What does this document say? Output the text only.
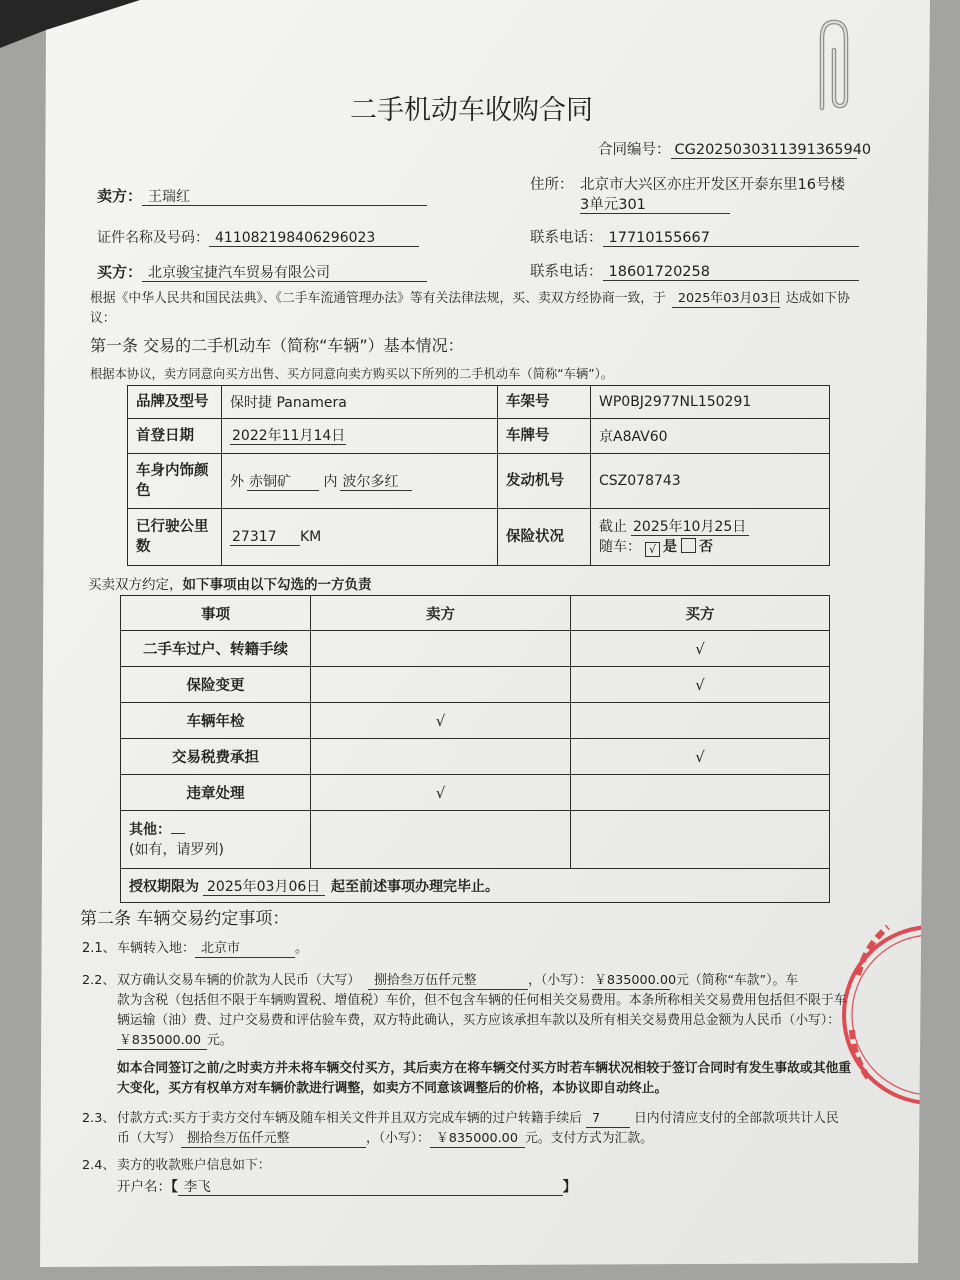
二手机动车收购合同
合同编号： CG2025030311391365940
卖方： 王瑞红
住所： 北京市大兴区亦庄开发区开泰东里16号楼
3单元301
证件名称及号码： 411082198406296023	联系电话： 17710155667
买方： 北京骏宝捷汽车贸易有限公司	联系电话： 18601720258
根据《中华人民共和国民法典》、《二手车流通管理办法》等有关法律法规，买、卖双方经协商一致，于 2025年03月03日 达成如下协
议：
第一条 交易的二手机动车（简称“车辆”）基本情况：
根据本协议，卖方同意向买方出售、买方同意向卖方购买以下所列的二手机动车（简称“车辆”）。
品牌及型号	保时捷 Panamera	车架号	WP0BJ2977NL150291
首登日期	2022年11月14日	车牌号	京A8AV60
车身内饰颜色	外 赤铜矿 内 波尔多红	发动机号	CSZ078743
已行驶公里数	27317 KM	保险状况	截止 2025年10月25日
随车： √ 是 否
买卖双方约定，如下事项由以下勾选的一方负责
事项	卖方	买方
二手车过户、转籍手续		√
保险变更		√
车辆年检	√	
交易税费承担		√
违章处理	√	

其他：
(如有，请罗列)		

授权期限为 2025年03月06日 起至前述事项办理完毕止。		
第二条 车辆交易约定事项：
2.1、车辆转入地： 北京市	。
2.2、 双方确认交易车辆的价款为人民币（大写） 捌拾叁万伍仟元整	，（小写）： ￥835000.00元（简称“车款”）。车
款为含税（包括但不限于车辆购置税、增值税）车价，但不包含车辆的任何相关交易费用。本条所称相关交易费用包括但不限于车
辆运输（油）费、过户交易费和评估验车费，双方特此确认，买方应该承担车款以及所有相关交易费用总金额为人民币（小写）：
￥835000.00 元。
如本合同签订之前/之时卖方并未将车辆交付买方，其后卖方在将车辆交付买方时若车辆状况相较于签订合同时有发生事故或其他重
大变化，买方有权单方对车辆价款进行调整，如卖方不同意该调整后的价格，本协议即自动终止。
2.3、 付款方式:买方于卖方交付车辆及随车相关文件并且双方完成车辆的过户转籍手续后 7	日内付清应支付的全部款项共计人民
币（大写） 捌拾叁万伍仟元整	，（小写）： ￥835000.00 元。支付方式为汇款。
2.4、 卖方的收款账户信息如下：
开户名：【 李飞	】
